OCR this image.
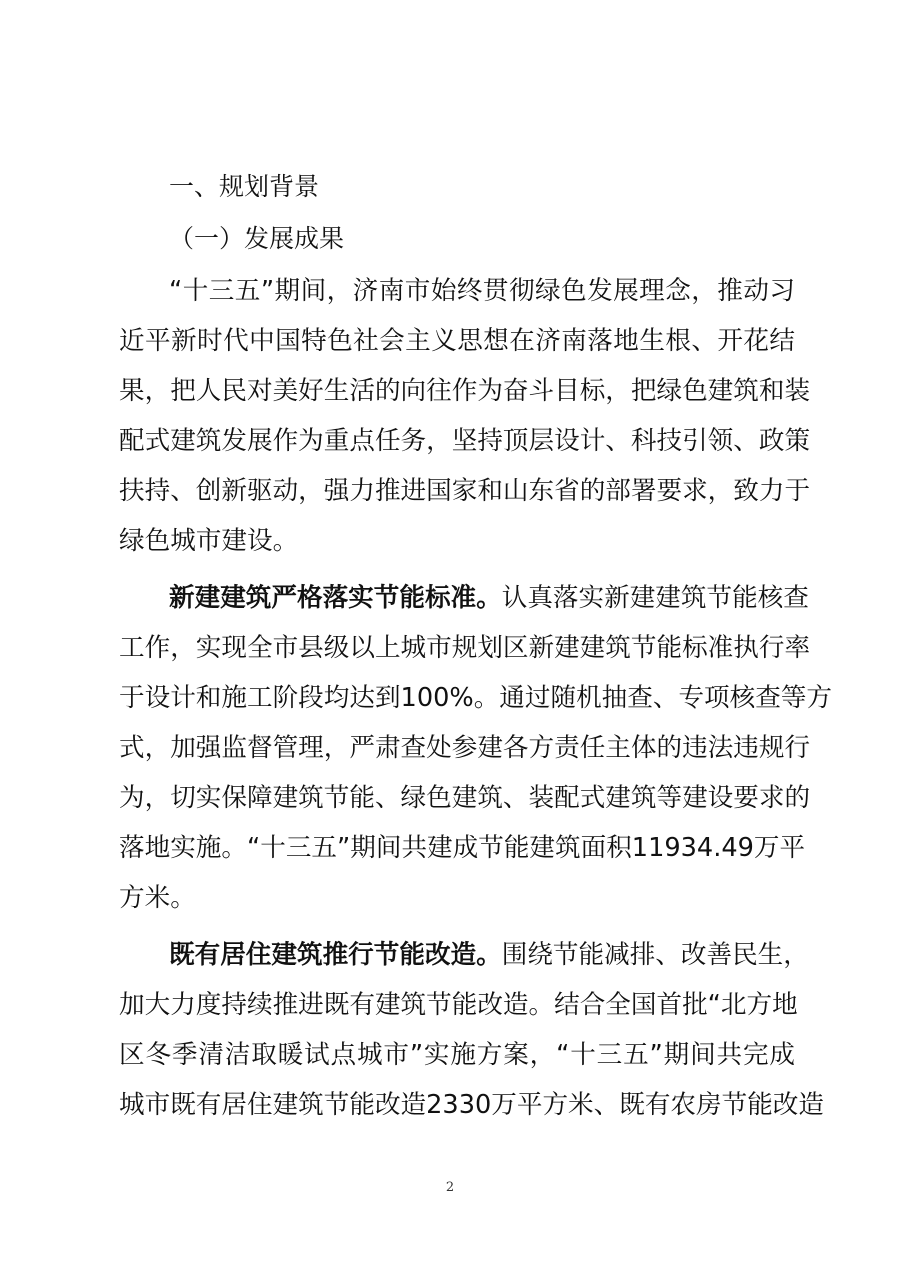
一、规划背景
（一）发展成果
“十三五”期间，济南市始终贯彻绿色发展理念，推动习
近平新时代中国特色社会主义思想在济南落地生根、开花结
果，把人民对美好生活的向往作为奋斗目标，把绿色建筑和装
配式建筑发展作为重点任务，坚持顶层设计、科技引领、政策
扶持、创新驱动，强力推进国家和山东省的部署要求，致力于
绿色城市建设。
新建建筑严格落实节能标准。认真落实新建建筑节能核查
工作，实现全市县级以上城市规划区新建建筑节能标准执行率
于设计和施工阶段均达到100%。通过随机抽查、专项核查等方
式，加强监督管理，严肃查处参建各方责任主体的违法违规行
为，切实保障建筑节能、绿色建筑、装配式建筑等建设要求的
落地实施。“十三五”期间共建成节能建筑面积11934.49万平
方米。
既有居住建筑推行节能改造。围绕节能减排、改善民生，
加大力度持续推进既有建筑节能改造。结合全国首批“北方地
区冬季清洁取暖试点城市”实施方案，“十三五”期间共完成
城市既有居住建筑节能改造2330万平方米、既有农房节能改造
2
